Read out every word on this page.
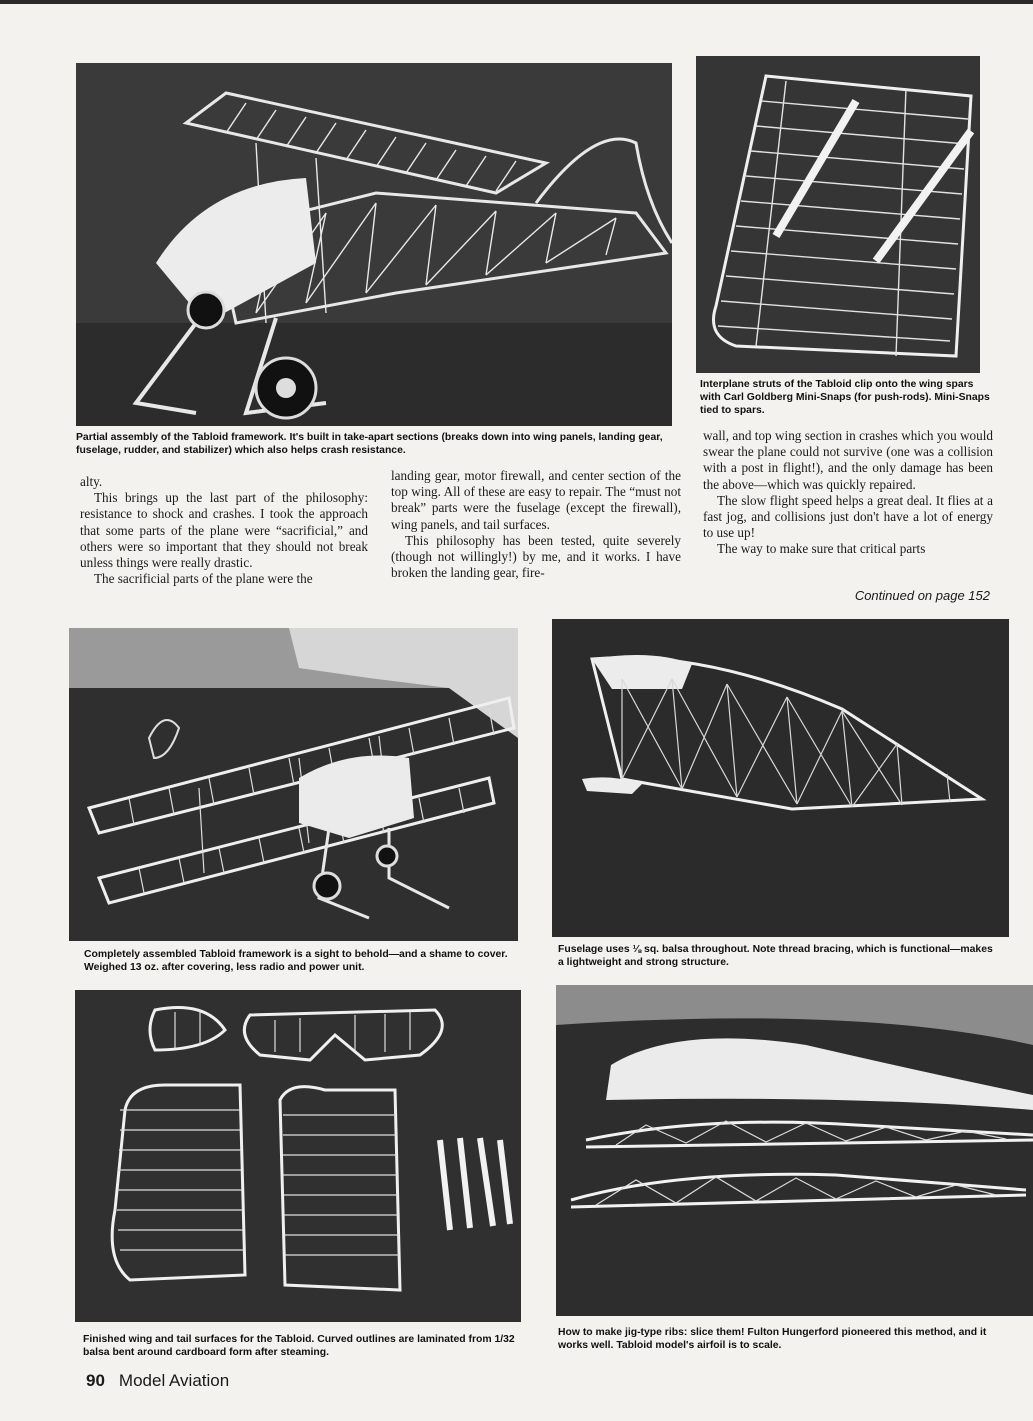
Partial assembly of the Tabloid framework. It's built in take-apart sections (breaks down into wing panels, landing gear, fuselage, rudder, and stabilizer) which also helps crash resistance.

Interplane struts of the Tabloid clip onto the wing spars with Carl Goldberg Mini-Snaps (for push-rods). Mini-Snaps tied to spars.

alty.

This brings up the last part of the philosophy: resistance to shock and crashes. I took the approach that some parts of the plane were “sacrificial,” and others were so important that they should not break unless things were really drastic.

The sacrificial parts of the plane were the

landing gear, motor firewall, and center section of the top wing. All of these are easy to repair. The “must not break” parts were the fuselage (except the firewall), wing panels, and tail surfaces.

This philosophy has been tested, quite severely (though not willingly!) by me, and it works. I have broken the landing gear, fire-

wall, and top wing section in crashes which you would swear the plane could not survive (one was a collision with a post in flight!), and the only damage has been the above—which was quickly repaired.

The slow flight speed helps a great deal. It flies at a fast jog, and collisions just don't have a lot of energy to use up!

The way to make sure that critical parts

Continued on page 152

Completely assembled Tabloid framework is a sight to behold—and a shame to cover. Weighed 13 oz. after covering, less radio and power unit.

Fuselage uses ⅛ sq. balsa throughout. Note thread bracing, which is functional—makes a lightweight and strong structure.

Finished wing and tail surfaces for the Tabloid. Curved outlines are laminated from 1/32 balsa bent around cardboard form after steaming.

How to make jig-type ribs: slice them! Fulton Hungerford pioneered this method, and it works well. Tabloid model's airfoil is to scale.

90 Model Aviation
